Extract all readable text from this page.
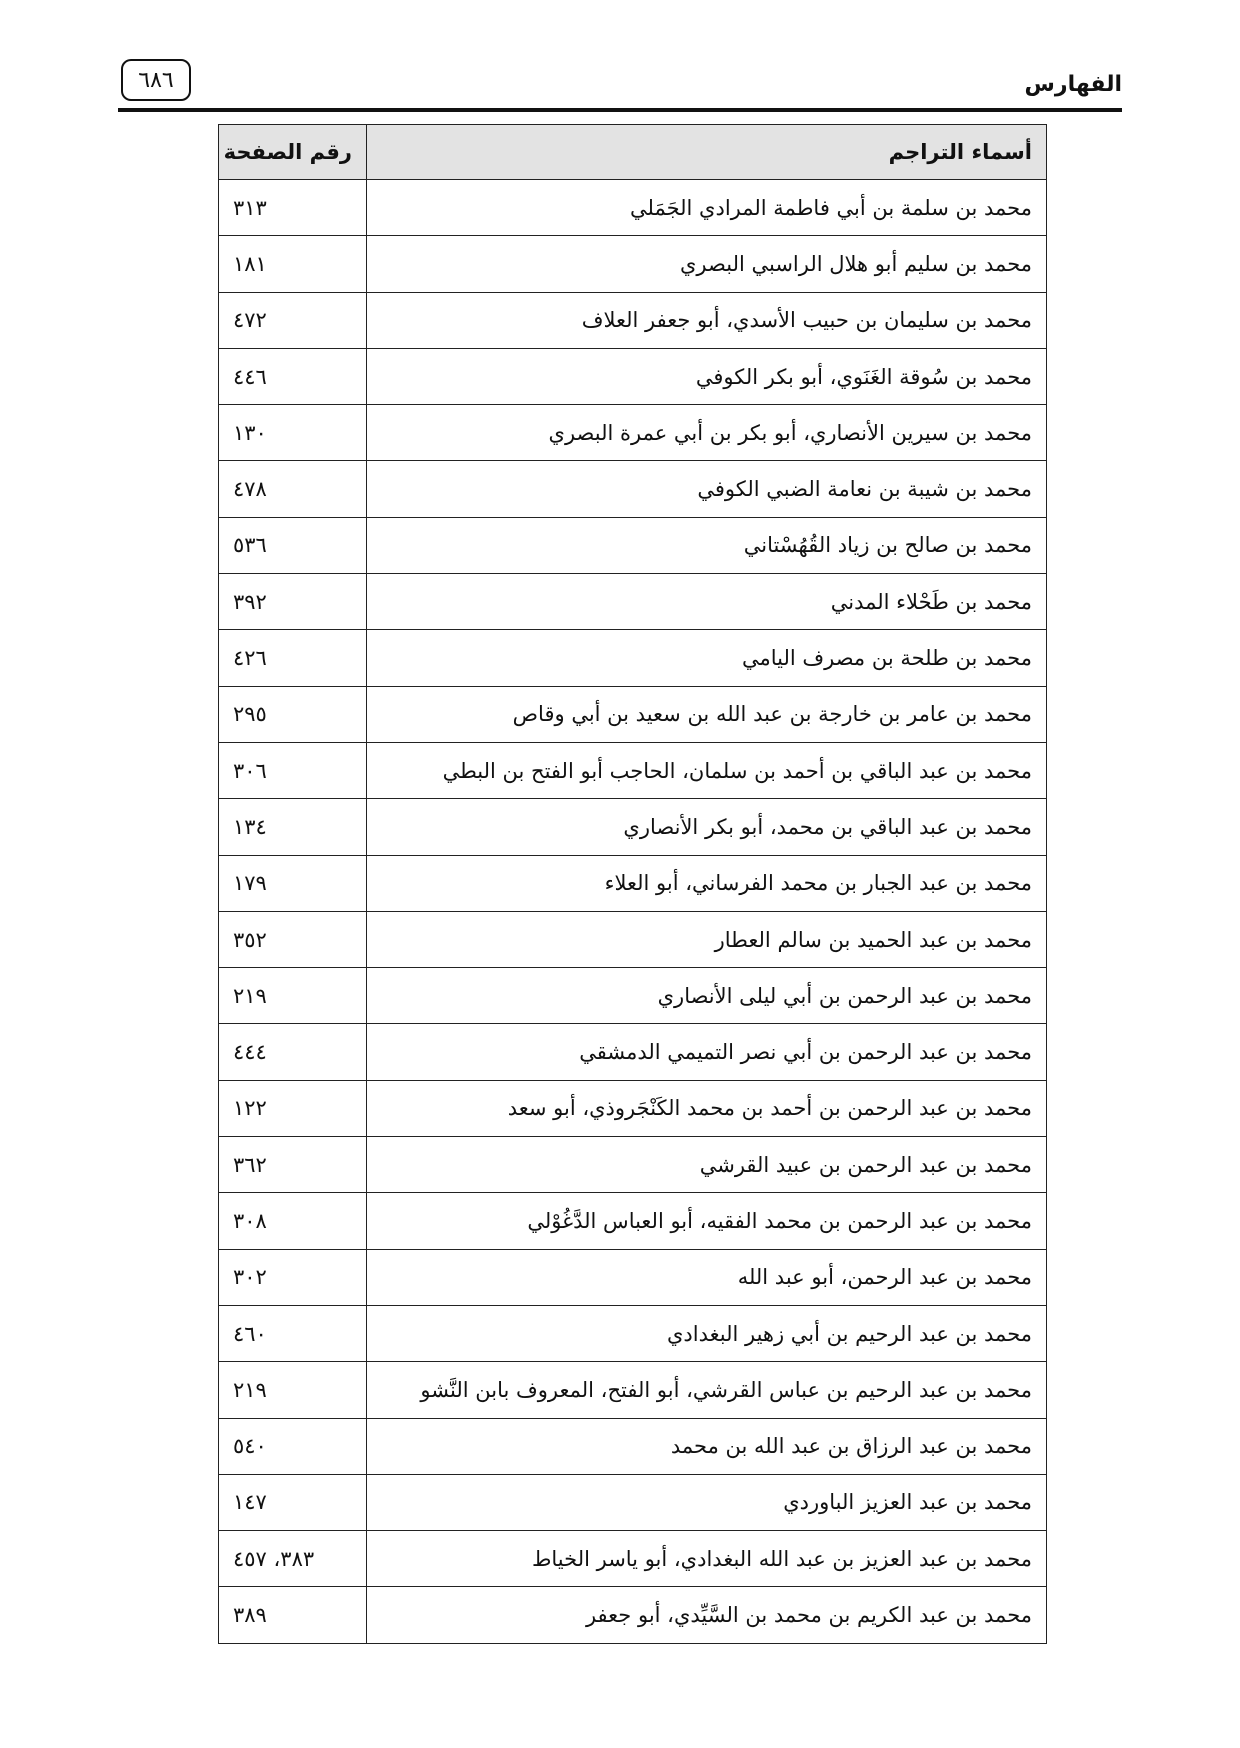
٦٨٦	الفهارس
أسماء التراجم	رقم الصفحة
محمد بن سلمة بن أبي فاطمة المرادي الجَمَلي	٣١٣
محمد بن سليم أبو هلال الراسبي البصري	١٨١
محمد بن سليمان بن حبيب الأسدي، أبو جعفر العلاف	٤٧٢
محمد بن سُوقة الغَنَوي، أبو بكر الكوفي	٤٤٦
محمد بن سيرين الأنصاري، أبو بكر بن أبي عمرة البصري	١٣٠
محمد بن شيبة بن نعامة الضبي الكوفي	٤٧٨
محمد بن صالح بن زياد القُهُسْتاني	٥٣٦
محمد بن طَحْلاء المدني	٣٩٢
محمد بن طلحة بن مصرف اليامي	٤٢٦
محمد بن عامر بن خارجة بن عبد الله بن سعيد بن أبي وقاص	٢٩٥
محمد بن عبد الباقي بن أحمد بن سلمان، الحاجب أبو الفتح بن البطي	٣٠٦
محمد بن عبد الباقي بن محمد، أبو بكر الأنصاري	١٣٤
محمد بن عبد الجبار بن محمد الفرساني، أبو العلاء	١٧٩
محمد بن عبد الحميد بن سالم العطار	٣٥٢
محمد بن عبد الرحمن بن أبي ليلى الأنصاري	٢١٩
محمد بن عبد الرحمن بن أبي نصر التميمي الدمشقي	٤٤٤
محمد بن عبد الرحمن بن أحمد بن محمد الكَنْجَروذي، أبو سعد	١٢٢
محمد بن عبد الرحمن بن عبيد القرشي	٣٦٢
محمد بن عبد الرحمن بن محمد الفقيه، أبو العباس الدَّغُوْلي	٣٠٨
محمد بن عبد الرحمن، أبو عبد الله	٣٠٢
محمد بن عبد الرحيم بن أبي زهير البغدادي	٤٦٠
محمد بن عبد الرحيم بن عباس القرشي، أبو الفتح، المعروف بابن النَّشو	٢١٩
محمد بن عبد الرزاق بن عبد الله بن محمد	٥٤٠
محمد بن عبد العزيز الباوردي	١٤٧
محمد بن عبد العزيز بن عبد الله البغدادي، أبو ياسر الخياط	٣٨٣، ٤٥٧
محمد بن عبد الكريم بن محمد بن السَّيِّدي، أبو جعفر	٣٨٩
